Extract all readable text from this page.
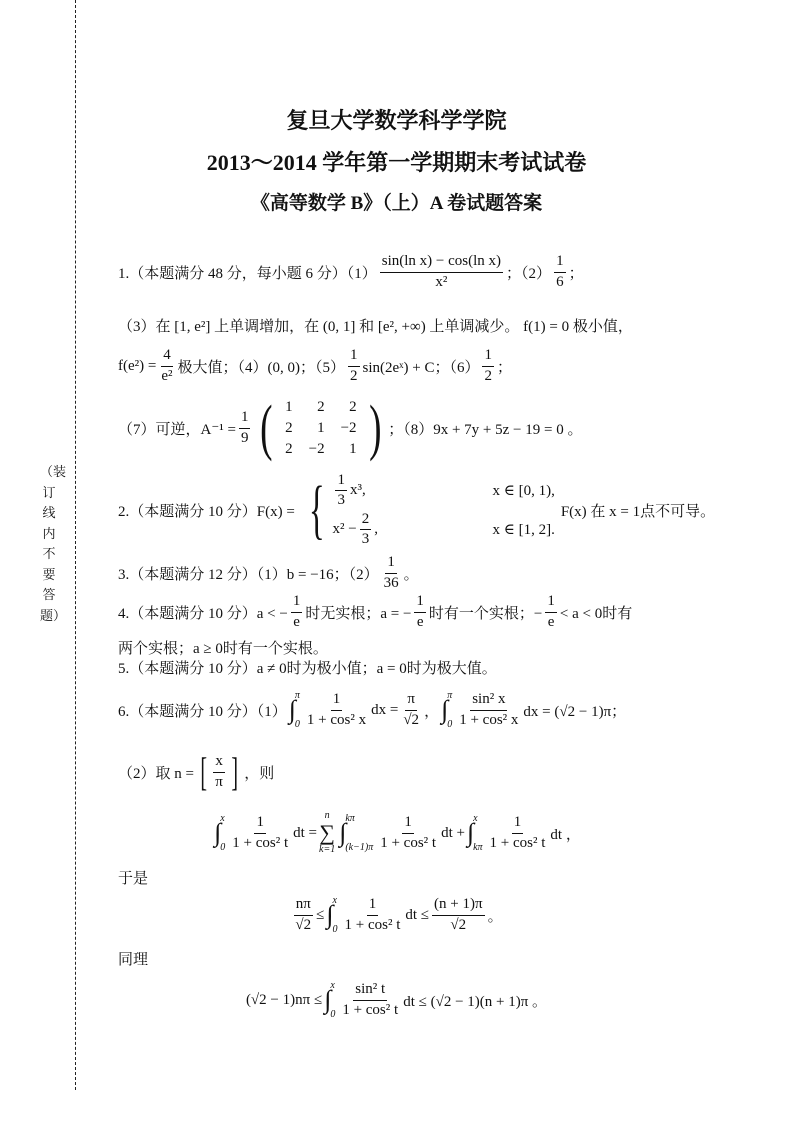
（装订线内不要答题）
复旦大学数学科学学院
2013～2014 学年第一学期期末考试试卷
《高等数学 B》（上）A 卷试题答案
1.（本题满分 48 分，每小题 6 分）$(1) \frac{\text{sin(ln x) − cos(ln x)}}{\text{x²}}$ ；$(2) \frac{1}{6}$ ；
（3）在 [1, e²] 上单调增加，在 (0, 1] 和 [e², +∞) 上单调减少。 f(1) = 0 极小值，
$f(e^2) = \frac{4}{\text{e²}}$ 极大值；（4）(0, 0)；$(5) \frac{1}{2}$ sin(2eˣ) + C；$(6) \frac{1}{2}$ ；
（7）可逆，$A^{-1} = \frac{1}{9}$ ( 1	2	2
2	1	−2
2	−2	1 ) ；（8）9x + 7y + 5z − 19 = 0 。
2.（本题满分 10 分）F(x) = { $\frac{1}{3} x^3$,	x ∈ [0, 1),
$x^2 - \frac{2}{3}$ ,	x ∈ [1, 2].
F(x) 在 x = 1点不可导。
3.（本题满分 12 分）（1）b = −16；$(2) \frac{1}{36}$ 。
4.（本题满分 10 分）a < − $\frac{1}{e}$ 时无实根；a = − $\frac{1}{e}$ 时有一个实根；− $\frac{1}{e} < a < 0$时有
两个实根；a ≥ 0时有一个实根。
5.（本题满分 10 分）a ≠ 0时为极小值；a = 0时为极大值。
6.（本题满分 10 分）（1） ∫ π
$0 \frac{1}{\text{1 + cos² x}}$ dx = $\frac{\pi}{√2}$ ， ∫ π
$0 \frac{\text{sin² x}}{\text{1 + cos² x}}$ dx = (√2 − 1)π；
（2）取 n = [ $\frac{x}{\pi}$ ] ，则
∫ x
$0 \frac{1}{\text{1 + cos² t}}$ dt =
n
∑
k=1
∫ kπ
$(k-1)\pi \frac{1}{\text{1 + cos² t}}$ dt + ∫ x
kπ $\frac{1}{\text{1 + cos² t}}$ dt ，
于是
$\frac{n\pi}{√2}$ ≤ ∫ x
$0 \frac{1}{\text{1 + cos² t}}$ dt ≤ $\frac{(n + 1)\pi}{√2}$ 。
同理
(√2 − 1)nπ ≤ ∫ x
$0 \frac{\text{sin² t}}{\text{1 + cos² t}}$ dt ≤ (√2 − 1)(n + 1)π 。
